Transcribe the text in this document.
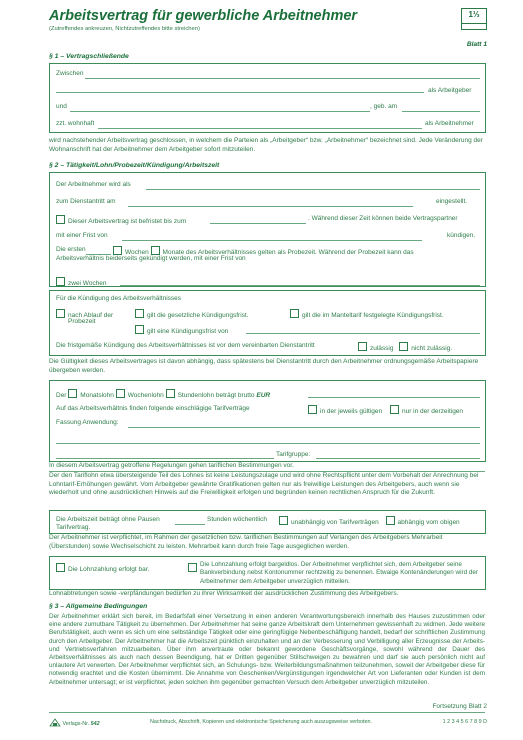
Arbeitsvertrag für gewerbliche Arbeitnehmer
(Zutreffendes ankreuzen, Nichtzutreffendes bitte streichen)
1⅓
Blatt 1
§ 1 – Vertragschließende
Zwischen
als Arbeitgeber
und	, geb. am
zzt. wohnhaft	als Arbeitnehmer
wird nachstehender Arbeitsvertrag geschlossen, in welchem die Parteien als „Arbeitgeber“ bzw. „Arbeitnehmer“ bezeichnet sind. Jede Veränderung der Wohnanschrift hat der Arbeitnehmer dem Arbeitgeber sofort mitzuteilen.
§ 2 – Tätigkeit/Lohn/Probezeit/Kündigung/Arbeitszeit
Der Arbeitnehmer wird als
zum Dienstantritt am	eingestellt.
Dieser Arbeitsvertrag ist befristet bis zum	. Während dieser Zeit können beide Vertragspartner
mit einer Frist von	kündigen.
Die ersten	Wochen Monate des Arbeitsverhältnisses gelten als Probezeit. Während der Probezeit kann das
Arbeitsverhältnis beiderseits gekündigt werden, mit einer Frist von
zwei Wochen
Für die Kündigung des Arbeitsverhältnisses
nach Ablauf der
Probezeit
gilt die gesetzliche Kündigungsfrist.	gilt die im Manteltarif festgelegte Kündigungsfrist.
gilt eine Kündigungsfrist von
Die fristgemäße Kündigung des Arbeitsverhältnisses ist vor dem vereinbarten Dienstantritt	zulässig	nicht zulässig.
Die Gültigkeit dieses Arbeitsvertrages ist davon abhängig, dass spätestens bei Dienstantritt durch den Arbeitnehmer ordnungsgemäße Arbeitspapiere übergeben werden.
Der Monatslohn Wochenlohn Stundenlohn beträgt brutto EUR
Auf das Arbeitsverhältnis finden folgende einschlägige Tarifverträge	in der jeweils gültigen	nur in der derzeitigen
Fassung Anwendung:
Tarifgruppe:
In diesem Arbeitsvertrag getroffene Regelungen gehen tariflichen Bestimmungen vor.
Der den Tariflohn etwa übersteigende Teil des Lohnes ist keine Leistungszulage und wird ohne Rechtspflicht unter dem Vorbehalt der Anrechnung bei Lohntarif-Erhöhungen gewährt. Vom Arbeitgeber gewährte Gratifikationen gelten nur als freiwillige Leistungen des Arbeitgebers, auch wenn sie wiederholt und ohne ausdrücklichen Hinweis auf die Freiwilligkeit erfolgen und begründen keinen rechtlichen Anspruch für die Zukunft.
Die Arbeitszeit beträgt ohne Pausen	Stunden wöchentlich	unabhängig von Tarifverträgen	abhängig vom obigen
Tarifvertrag.
Der Arbeitnehmer ist verpflichtet, im Rahmen der gesetzlichen bzw. tariflichen Bestimmungen auf Verlangen des Arbeitgebers Mehrarbeit (Überstunden) sowie Wechselschicht zu leisten. Mehrarbeit kann durch freie Tage ausgeglichen werden.
Die Lohnzahlung erfolgt bar.
Die Lohnzahlung erfolgt bargeldlos. Der Arbeitnehmer verpflichtet sich, dem Arbeitgeber seine Bankverbindung nebst Kontonummer rechtzeitig zu benennen. Etwaige Kontenänderungen wird der Arbeitnehmer dem Arbeitgeber unverzüglich mitteilen.
Lohnabtretungen sowie -verpfändungen bedürfen zu ihrer Wirksamkeit der ausdrücklichen Zustimmung des Arbeitgebers.
§ 3 – Allgemeine Bedingungen
Der Arbeitnehmer erklärt sich bereit, im Bedarfsfall einer Versetzung in einen anderen Verantwortungsbereich innerhalb des Hauses zuzustimmen oder eine andere zumutbare Tätigkeit zu übernehmen. Der Arbeitnehmer hat seine ganze Arbeitskraft dem Unternehmen gewissenhaft zu widmen. Jede weitere Berufstätigkeit, auch wenn es sich um eine selbständige Tätigkeit oder eine geringfügige Nebenbeschäftigung handelt, bedarf der schriftlichen Zustimmung durch den Arbeitgeber. Der Arbeitnehmer hat die Arbeitszeit pünktlich einzuhalten und an der Verbesserung und Verbilligung aller Erzeugnisse der Arbeits- und Vertriebsverfahren mitzuarbeiten. Über ihm anvertraute oder bekannt gewordene Geschäftsvorgänge, sowohl während der Dauer des Arbeitsverhältnisses als auch nach dessen Beendigung, hat er Dritten gegenüber Stillschweigen zu bewahren und darf sie auch persönlich nicht auf unlautere Art verwerten. Der Arbeitnehmer verpflichtet sich, an Schulungs- bzw. Weiterbildungsmaßnahmen teilzunehmen, soweit der Arbeitgeber diese für notwendig erachtet und die Kosten übernimmt. Die Annahme von Geschenken/Vergünstigungen irgendwelcher Art von Lieferanten oder Kunden ist dem Arbeitnehmer untersagt; er ist verpflichtet, jeden solchen ihm gegenüber gemachten Versuch dem Arbeitgeber unverzüglich mitzuteilen.
Fortsetzung Blatt 2
Verlags-Nr. 542	Nachdruck, Abschrift, Kopieren und elektronische Speicherung auch auszugsweise verboten.	1 2 3 4 5 6 7 8 9 D
